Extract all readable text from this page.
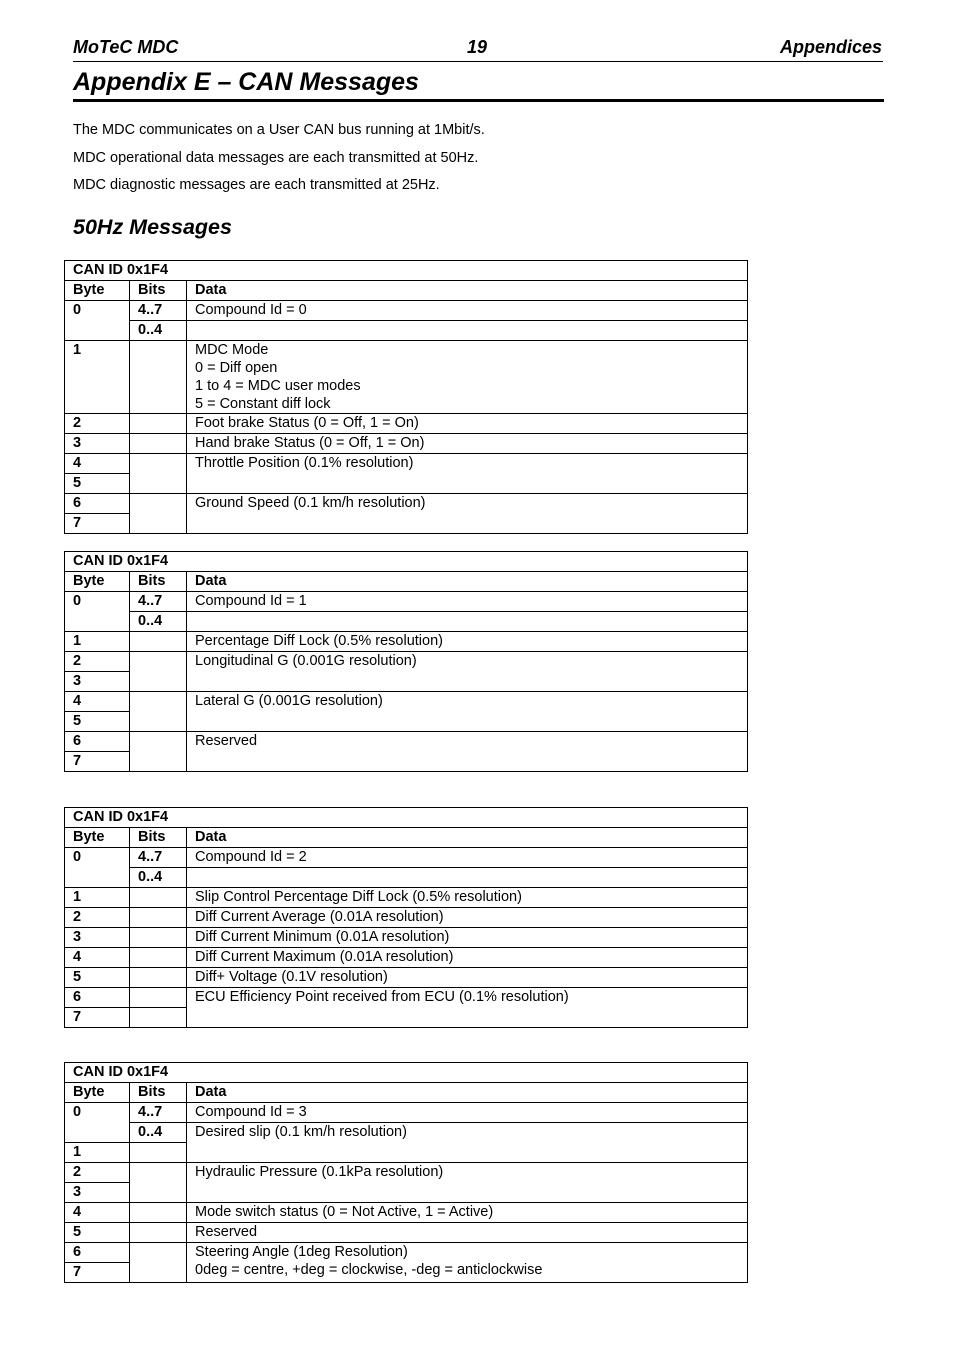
MoTeC MDC	19	Appendices
Appendix E – CAN Messages
The MDC communicates on a User CAN bus running at 1Mbit/s.
MDC operational data messages are each transmitted at 50Hz.
MDC diagnostic messages are each transmitted at 25Hz.
50Hz Messages
CAN ID 0x1F4		
Byte	Bits	Data
0	4..7	Compound Id = 0
	0..4	
1		MDC Mode
0 = Diff open
1 to 4 = MDC user modes
5 = Constant diff lock

2		Foot brake Status (0 = Off, 1 = On)
3		Hand brake Status (0 = Off, 1 = On)
4		Throttle Position (0.1% resolution)
5		
6		Ground Speed (0.1 km/h resolution)
7		
CAN ID 0x1F4		
Byte	Bits	Data
0	4..7	Compound Id = 1
	0..4	
1		Percentage Diff Lock (0.5% resolution)
2		Longitudinal G (0.001G resolution)
3		
4		Lateral G (0.001G resolution)
5		
6		Reserved
7		
CAN ID 0x1F4		
Byte	Bits	Data
0	4..7	Compound Id = 2
	0..4	
1		Slip Control Percentage Diff Lock (0.5% resolution)
2		Diff Current Average (0.01A resolution)
3		Diff Current Minimum (0.01A resolution)
4		Diff Current Maximum (0.01A resolution)
5		Diff+ Voltage (0.1V resolution)
6		ECU Efficiency Point received from ECU (0.1% resolution)
7		
CAN ID 0x1F4		
Byte	Bits	Data
0	4..7	Compound Id = 3
	0..4	Desired slip (0.1 km/h resolution)
1		
2		Hydraulic Pressure (0.1kPa resolution)
3		
4		Mode switch status (0 = Not Active, 1 = Active)
5		Reserved
6		Steering Angle (1deg Resolution)
0deg = centre, +deg = clockwise, -deg = anticlockwise

7		
